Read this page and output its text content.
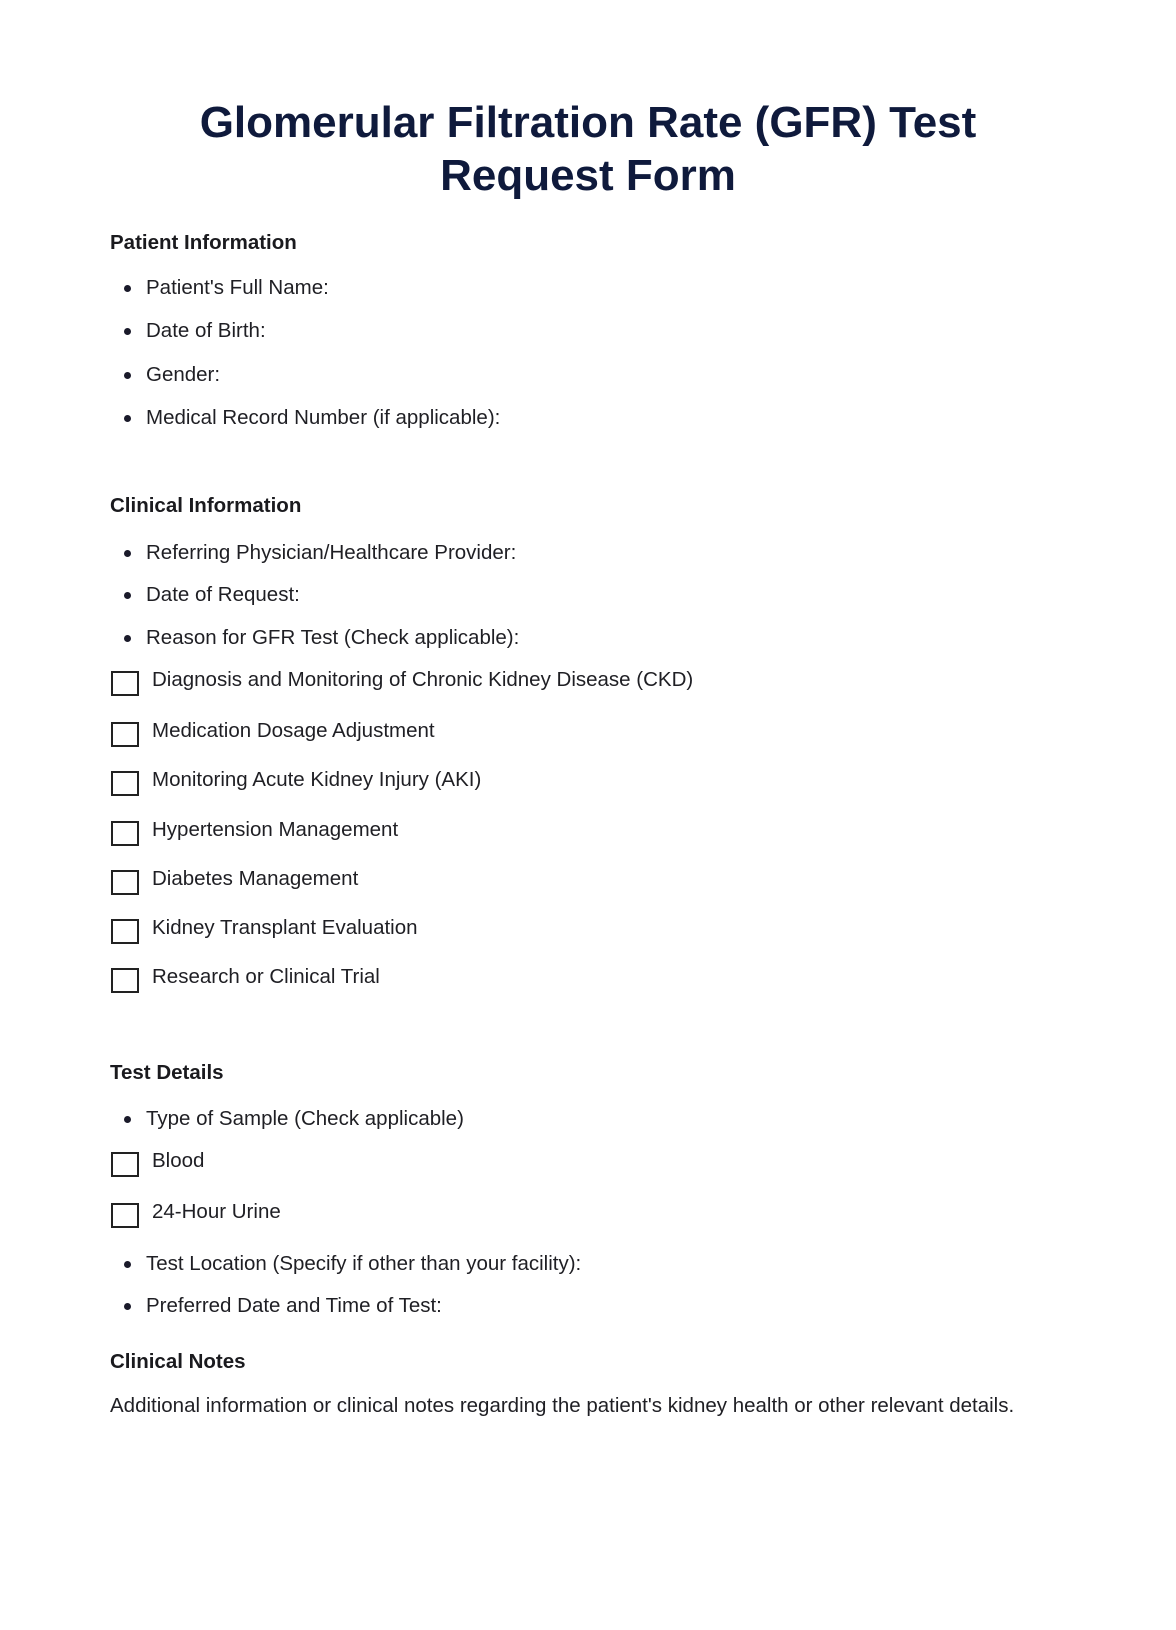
Glomerular Filtration Rate (GFR) Test
Request Form
Patient Information
Patient's Full Name:
Date of Birth:
Gender:
Medical Record Number (if applicable):
Clinical Information
Referring Physician/Healthcare Provider:
Date of Request:
Reason for GFR Test (Check applicable):
Diagnosis and Monitoring of Chronic Kidney Disease (CKD)
Medication Dosage Adjustment
Monitoring Acute Kidney Injury (AKI)
Hypertension Management
Diabetes Management
Kidney Transplant Evaluation
Research or Clinical Trial
Test Details
Type of Sample (Check applicable)
Blood
24-Hour Urine
Test Location (Specify if other than your facility):
Preferred Date and Time of Test:
Clinical Notes
Additional information or clinical notes regarding the patient's kidney health or other relevant details.
